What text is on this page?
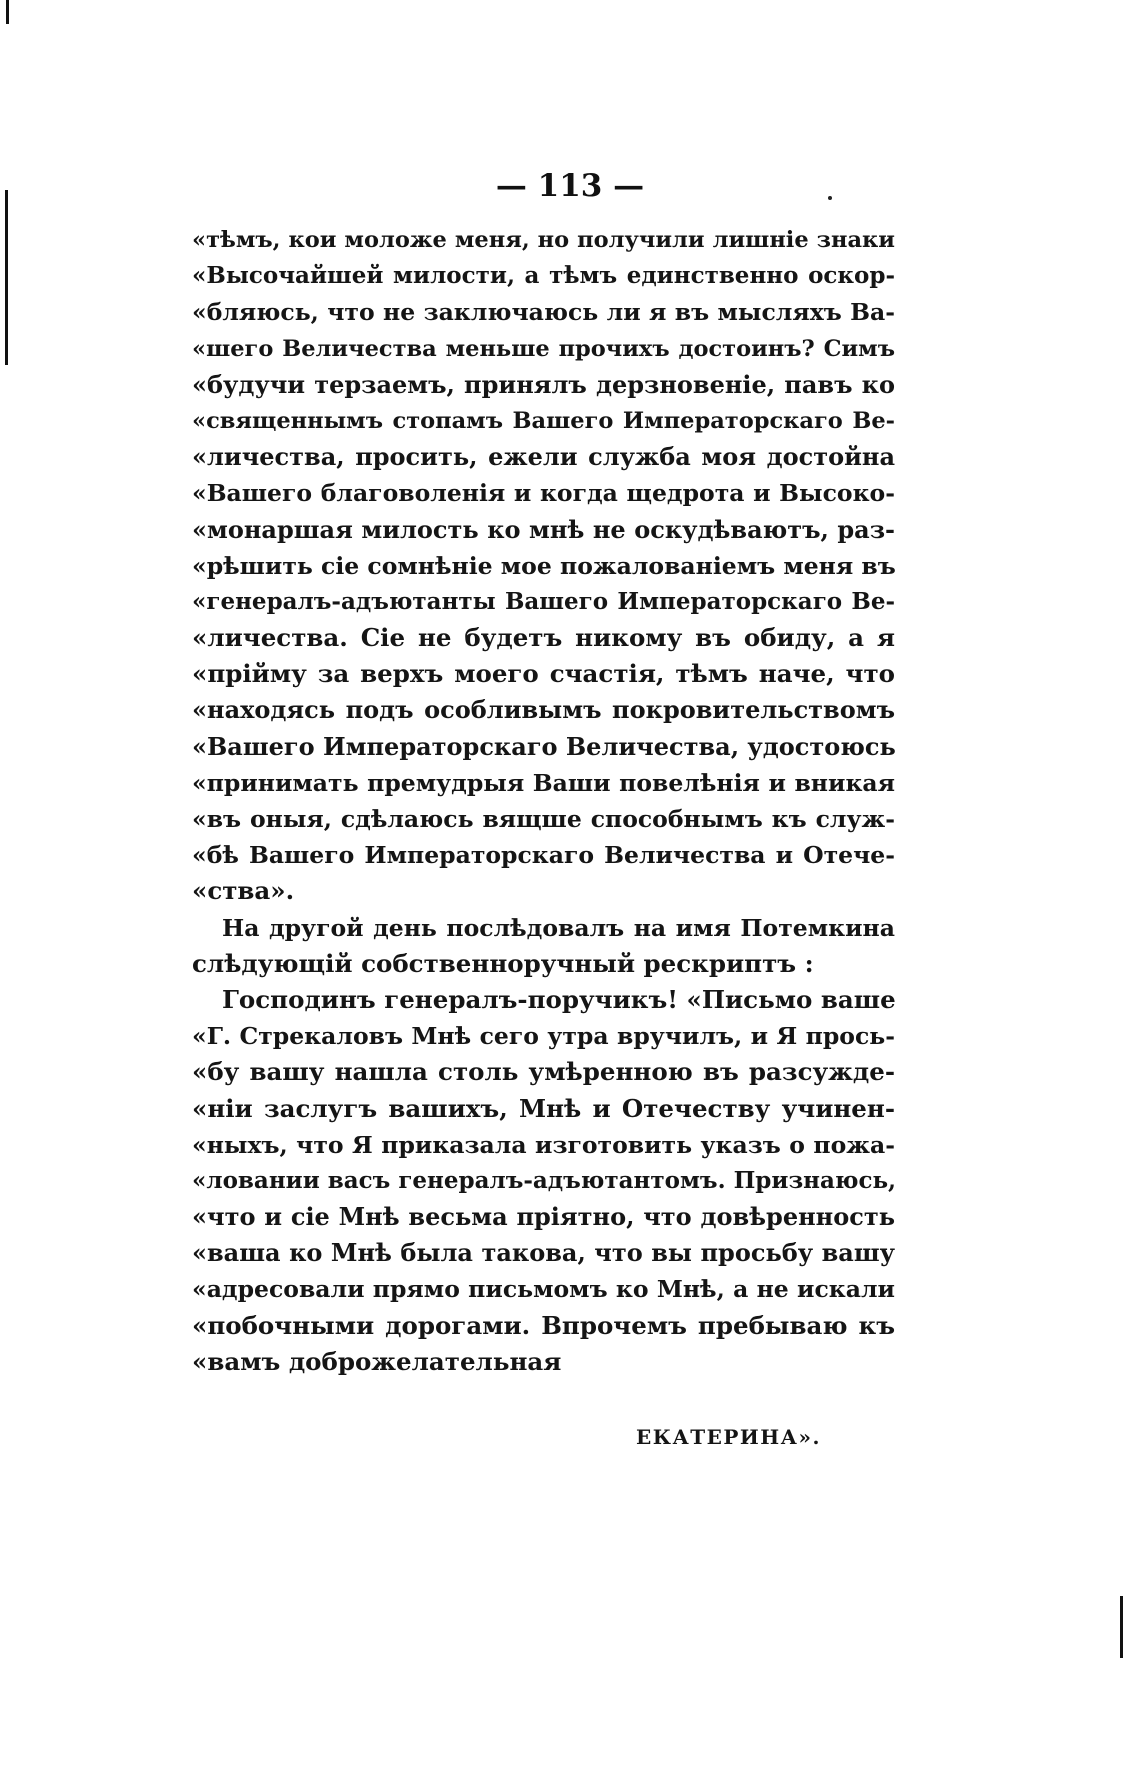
— 113 —
«тѣмъ, кои моложе меня, но получили лишніе знаки
«Высочайшей милости, а тѣмъ единственно оскор-
«бляюсь, что не заключаюсь ли я въ мысляхъ Ва-
«шего Величества меньше прочихъ достоинъ? Симъ
«будучи терзаемъ, принялъ дерзновеніе, павъ ко
«священнымъ стопамъ Вашего Императорскаго Ве-
«личества, просить, ежели служба моя достойна
«Вашего благоволенія и когда щедрота и Высоко-
«монаршая милость ко мнѣ не оскудѣваютъ, раз-
«рѣшить сіе сомнѣніе мое пожалованіемъ меня въ
«генералъ-адъютанты Вашего Императорскаго Ве-
«личества. Сіе не будетъ никому въ обиду, а я
«прійму за верхъ моего счастія, тѣмъ наче, что
«находясь подъ особливымъ покровительствомъ
«Вашего Императорскаго Величества, удостоюсь
«принимать премудрыя Ваши повелѣнія и вникая
«въ оныя, сдѣлаюсь вящше способнымъ къ служ-
«бѣ Вашего Императорскаго Величества и Отече-
«ства».
На другой день послѣдовалъ на имя Потемкина
слѣдующій собственноручный рескриптъ :
Господинъ генералъ-поручикъ! «Письмо ваше
«Г. Стрекаловъ Мнѣ сего утра вручилъ, и Я прось-
«бу вашу нашла столь умѣренною въ разсужде-
«ніи заслугъ вашихъ, Мнѣ и Отечеству учинен-
«ныхъ, что Я приказала изготовить указъ о пожа-
«ловании васъ генералъ-адъютантомъ. Признаюсь,
«что и сіе Мнѣ весьма пріятно, что довѣренность
«ваша ко Мнѣ была такова, что вы просьбу вашу
«адресовали прямо письмомъ ко Мнѣ, а не искали
«побочными дорогами. Впрочемъ пребываю къ
«вамъ доброжелательная
ЕКАТЕРИНА».
